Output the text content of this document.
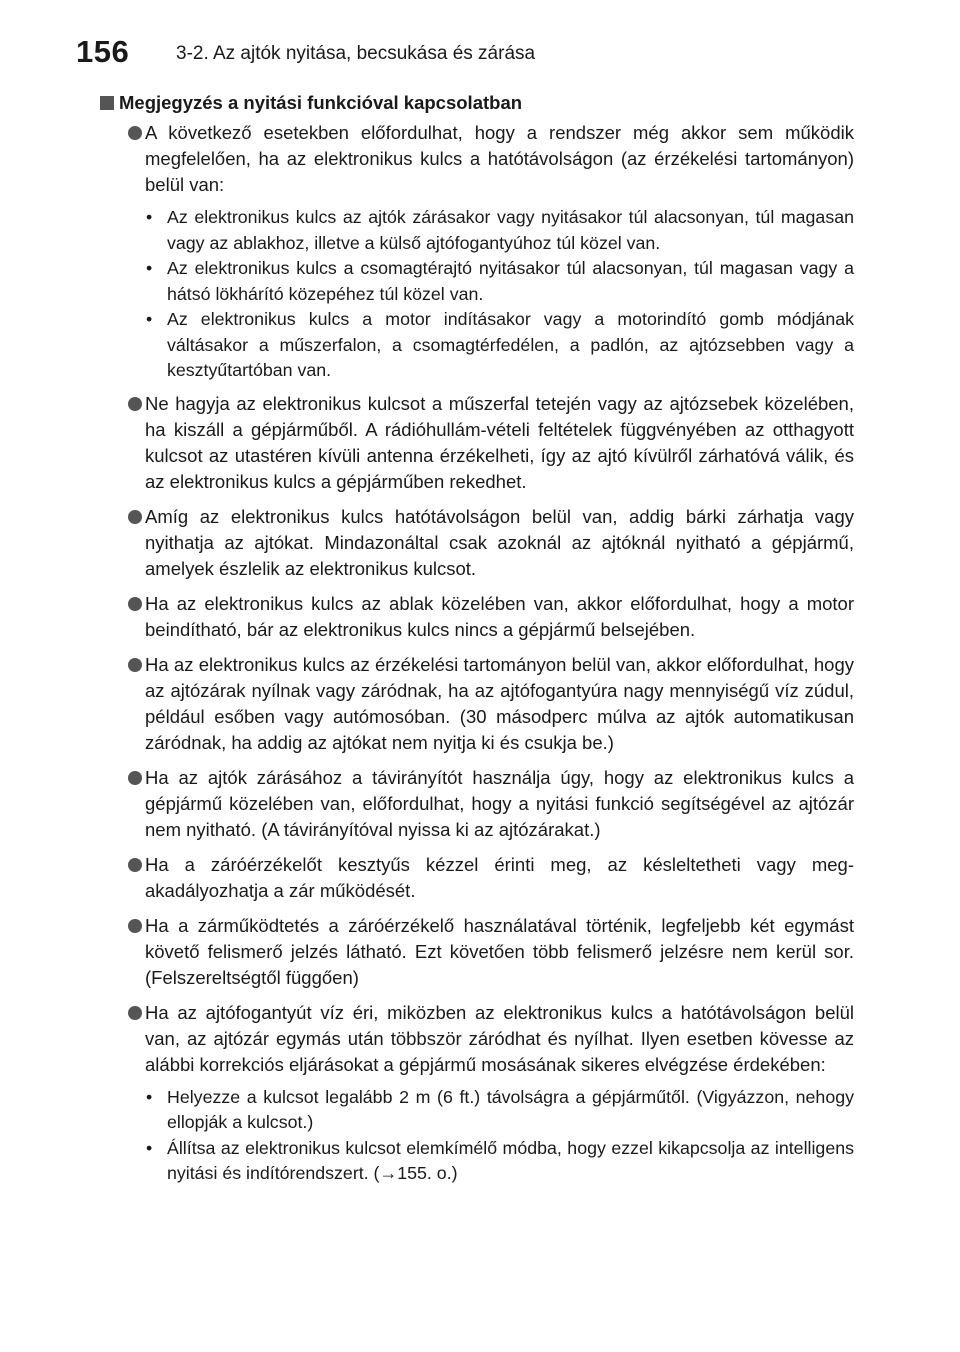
156 3-2. Az ajtók nyitása, becsukása és zárása
Megjegyzés a nyitási funkcióval kapcsolatban
A következő esetekben előfordulhat, hogy a rendszer még akkor sem működik megfelelően, ha az elektronikus kulcs a hatótávolságon (az érzékelési tartományon) belül van:
• Az elektronikus kulcs az ajtók zárásakor vagy nyitásakor túl alacsonyan, túl magasan vagy az ablakhoz, illetve a külső ajtófogantyúhoz túl közel van.
• Az elektronikus kulcs a csomagtérajtó nyitásakor túl alacsonyan, túl magasan vagy a hátsó lökhárító közepéhez túl közel van.
• Az elektronikus kulcs a motor indításakor vagy a motorindító gomb módjának váltásakor a műszerfalon, a csomagtérfedélen, a padlón, az ajtózsebben vagy a kesztyűtartóban van.
Ne hagyja az elektronikus kulcsot a műszerfal tetején vagy az ajtózsebek közelében, ha kiszáll a gépjárműből. A rádióhullám-vételi feltételek függvényében az otthagyott kulcsot az utastéren kívüli antenna érzékelheti, így az ajtó kívülről zárhatóvá válik, és az elektronikus kulcs a gépjárműben rekedhet.
Amíg az elektronikus kulcs hatótávolságon belül van, addig bárki zárhatja vagy nyithatja az ajtókat. Mindazonáltal csak azoknál az ajtóknál nyitható a gépjármű, amelyek észlelik az elektronikus kulcsot.
Ha az elektronikus kulcs az ablak közelében van, akkor előfordulhat, hogy a motor beindítható, bár az elektronikus kulcs nincs a gépjármű belsejében.
Ha az elektronikus kulcs az érzékelési tartományon belül van, akkor előfordulhat, hogy az ajtózárak nyílnak vagy záródnak, ha az ajtófogantyúra nagy mennyiségű víz zúdul, például esőben vagy autómosóban. (30 másodperc múlva az ajtók automatikusan záródnak, ha addig az ajtókat nem nyitja ki és csukja be.)
Ha az ajtók zárásához a távirányítót használja úgy, hogy az elektronikus kulcs a gépjármű közelében van, előfordulhat, hogy a nyitási funkció segítségével az ajtózár nem nyitható. (A távirányítóval nyissa ki az ajtózárakat.)
Ha a záróérzékelőt kesztyűs kézzel érinti meg, az késleltetheti vagy megakadályozhatja a zár működését.
Ha a zárműködtetés a záróérzékelő használatával történik, legfeljebb két egymást követő felismerő jelzés látható. Ezt követően több felismerő jelzésre nem kerül sor. (Felszereltségtől függően)
Ha az ajtófogantyút víz éri, miközben az elektronikus kulcs a hatótávolságon belül van, az ajtózár egymás után többször záródhat és nyílhat. Ilyen esetben kövesse az alábbi korrekciós eljárásokat a gépjármű mosásának sikeres elvégzése érdekében:
• Helyezze a kulcsot legalább 2 m (6 ft.) távolságra a gépjárműtől. (Vigyázzon, nehogy ellopják a kulcsot.)
• Állítsa az elektronikus kulcsot elemkímélő módba, hogy ezzel kikapcsolja az intelligens nyitási és indítórendszert. (→155. o.)
